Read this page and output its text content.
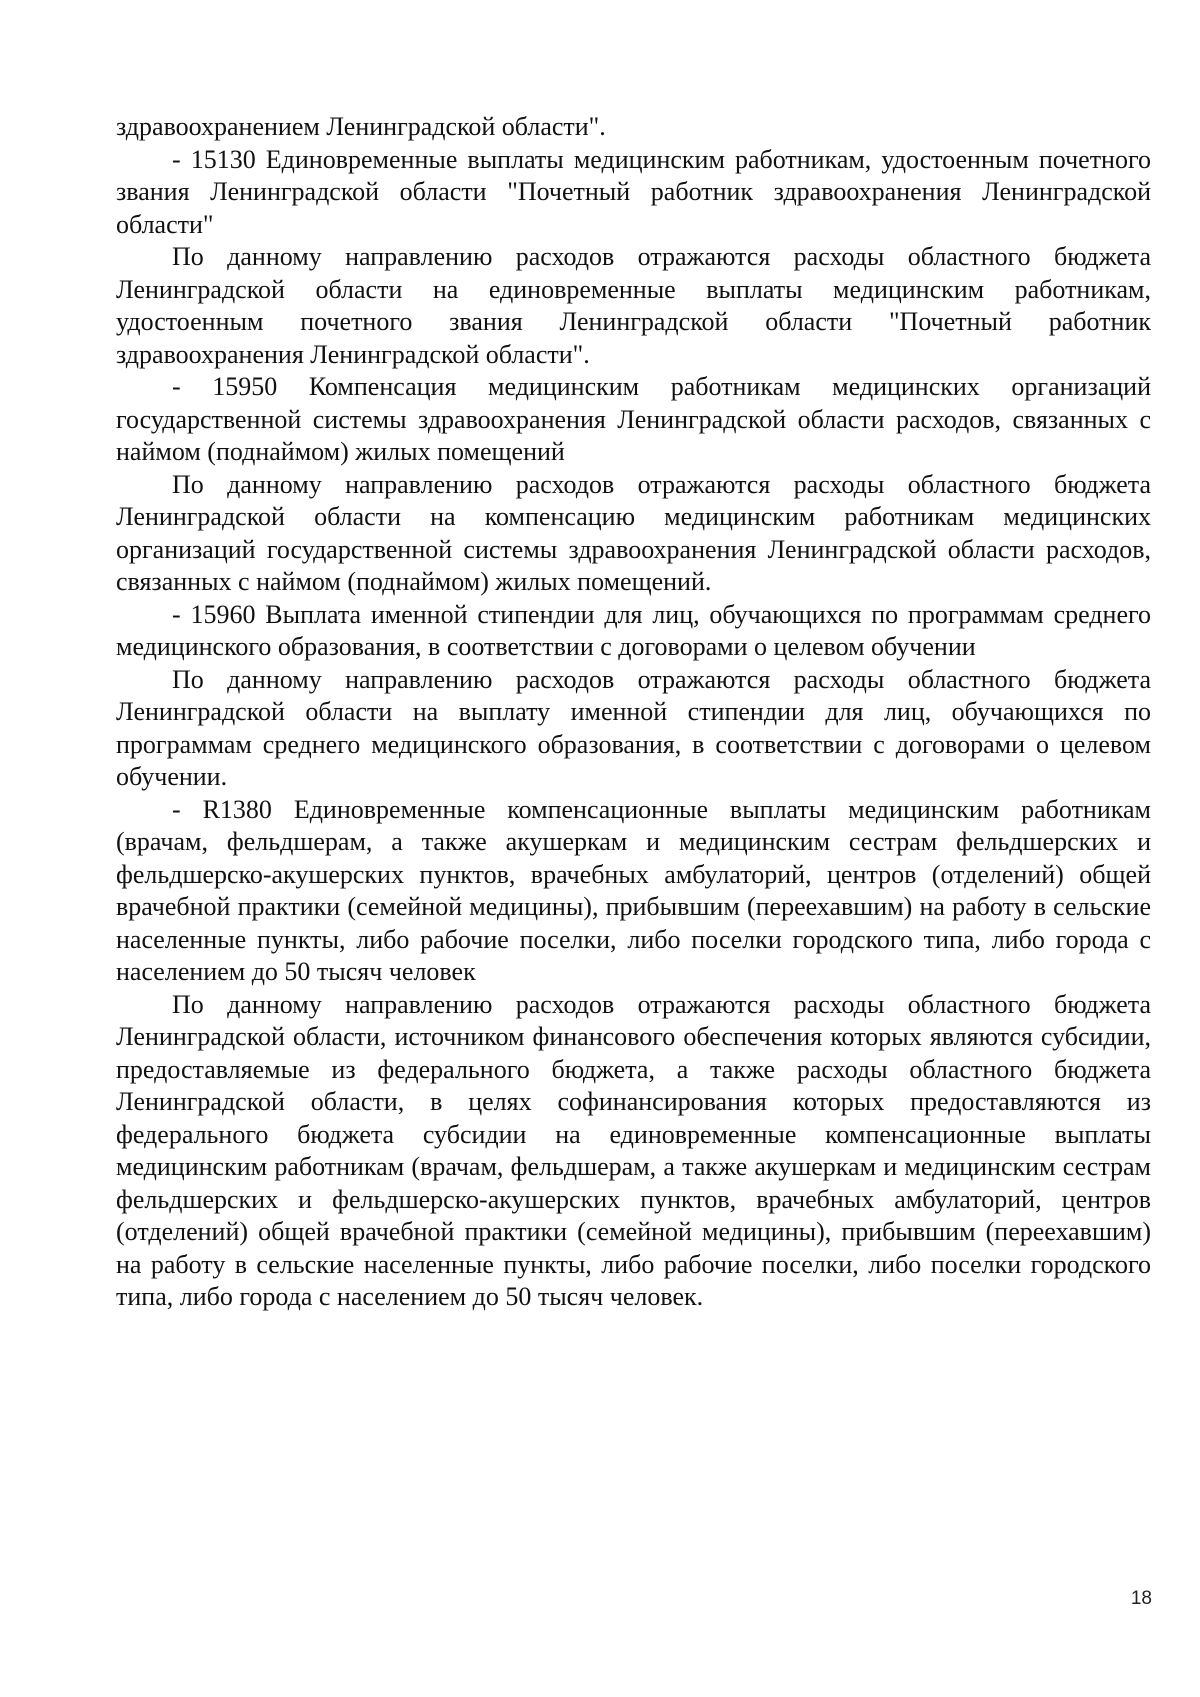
здравоохранением Ленинградской области".

- 15130 Единовременные выплаты медицинским работникам, удостоенным почетного звания Ленинградской области "Почетный работник здравоохранения Ленинградской области"

По данному направлению расходов отражаются расходы областного бюджета Ленинградской области на единовременные выплаты медицинским работникам, удостоенным почетного звания Ленинградской области "Почетный работник здравоохранения Ленинградской области".

- 15950 Компенсация медицинским работникам медицинских организаций государственной системы здравоохранения Ленинградской области расходов, связанных с наймом (поднаймом) жилых помещений

По данному направлению расходов отражаются расходы областного бюджета Ленинградской области на компенсацию медицинским работникам медицинских организаций государственной системы здравоохранения Ленинградской области расходов, связанных с наймом (поднаймом) жилых помещений.

- 15960 Выплата именной стипендии для лиц, обучающихся по программам среднего медицинского образования, в соответствии с договорами о целевом обучении

По данному направлению расходов отражаются расходы областного бюджета Ленинградской области на выплату именной стипендии для лиц, обучающихся по программам среднего медицинского образования, в соответствии с договорами о целевом обучении.

- R1380 Единовременные компенсационные выплаты медицинским работникам (врачам, фельдшерам, а также акушеркам и медицинским сестрам фельдшерских и фельдшерско-акушерских пунктов, врачебных амбулаторий, центров (отделений) общей врачебной практики (семейной медицины), прибывшим (переехавшим) на работу в сельские населенные пункты, либо рабочие поселки, либо поселки городского типа, либо города с населением до 50 тысяч человек

По данному направлению расходов отражаются расходы областного бюджета Ленинградской области, источником финансового обеспечения которых являются субсидии, предоставляемые из федерального бюджета, а также расходы областного бюджета Ленинградской области, в целях софинансирования которых предоставляются из федерального бюджета субсидии на единовременные компенсационные выплаты медицинским работникам (врачам, фельдшерам, а также акушеркам и медицинским сестрам фельдшерских и фельдшерско-акушерских пунктов, врачебных амбулаторий, центров (отделений) общей врачебной практики (семейной медицины), прибывшим (переехавшим) на работу в сельские населенные пункты, либо рабочие поселки, либо поселки городского типа, либо города с населением до 50 тысяч человек.

18
